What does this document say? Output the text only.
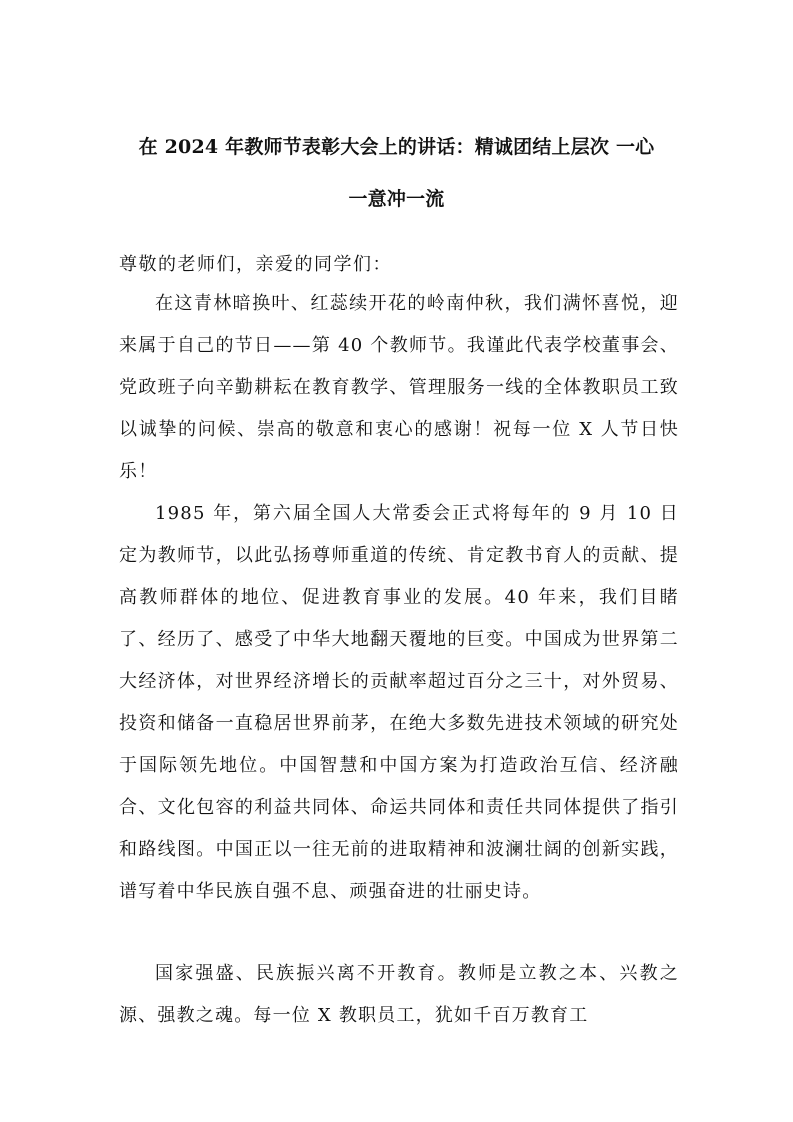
在 2024 年教师节表彰大会上的讲话：精诚团结上层次 一心
一意冲一流
尊敬的老师们，亲爱的同学们：

在这青林暗换叶、红蕊续开花的岭南仲秋，我们满怀喜悦，迎来属于自己的节日——第 40 个教师节。我谨此代表学校董事会、党政班子向辛勤耕耘在教育教学、管理服务一线的全体教职员工致以诚挚的问候、崇高的敬意和衷心的感谢！祝每一位 X 人节日快乐！

1985 年，第六届全国人大常委会正式将每年的 9 月 10 日定为教师节，以此弘扬尊师重道的传统、肯定教书育人的贡献、提高教师群体的地位、促进教育事业的发展。40 年来，我们目睹了、经历了、感受了中华大地翻天覆地的巨变。中国成为世界第二大经济体，对世界经济增长的贡献率超过百分之三十，对外贸易、投资和储备一直稳居世界前茅，在绝大多数先进技术领域的研究处于国际领先地位。中国智慧和中国方案为打造政治互信、经济融合、文化包容的利益共同体、命运共同体和责任共同体提供了指引和路线图。中国正以一往无前的进取精神和波澜壮阔的创新实践，谱写着中华民族自强不息、顽强奋进的壮丽史诗。

国家强盛、民族振兴离不开教育。教师是立教之本、兴教之源、强教之魂。每一位 X 教职员工，犹如千百万教育工
